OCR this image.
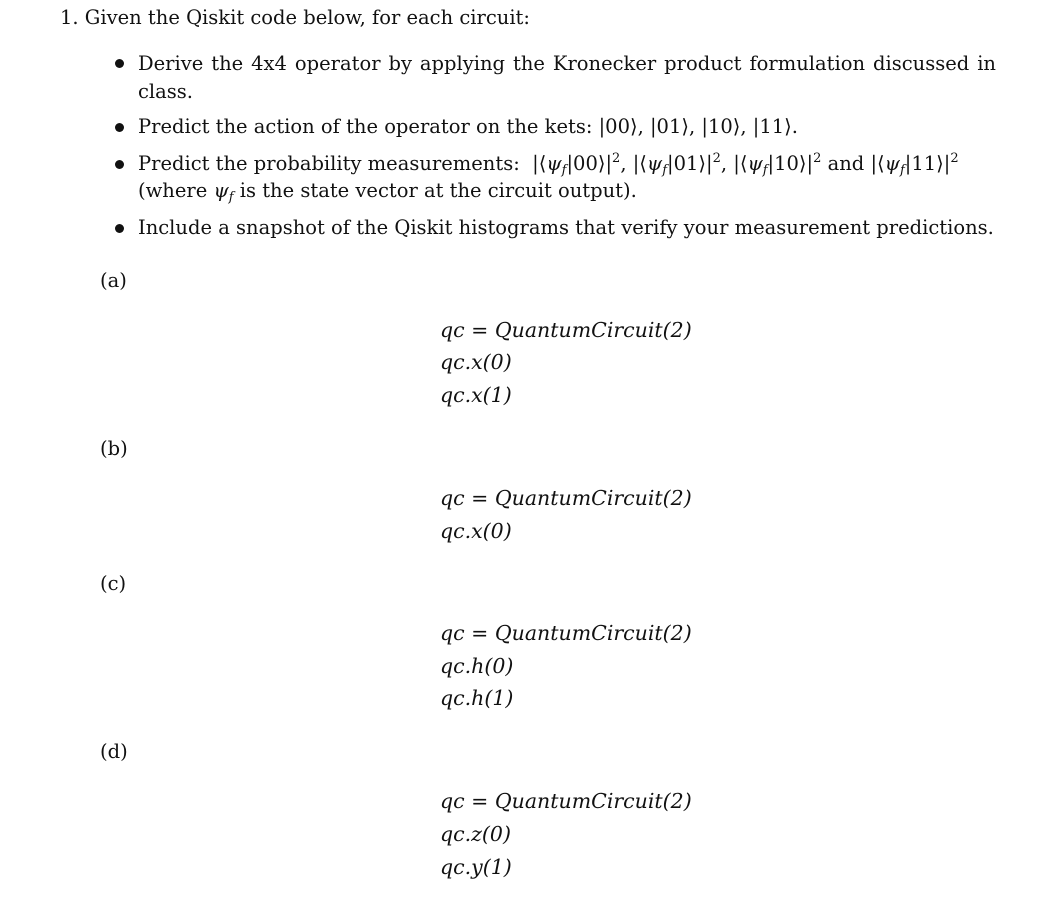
1. Given the Qiskit code below, for each circuit:
Derive the 4x4 operator by applying the Kronecker product formulation discussed in
class.
Predict the action of the operator on the kets: |00⟩, |01⟩, |10⟩, |11⟩.
Predict the probability measurements:  $|⟨\psi_f|00⟩|^2$, $|⟨\psi_f|01⟩|^2$, $|⟨\psi_f|10⟩|^2$ and $|⟨\psi_f|11⟩|^2$
(where $\psi_f$ is the state vector at the circuit output).
Include a snapshot of the Qiskit histograms that verify your measurement predictions.
(a)
qc = QuantumCircuit(2)
qc.x(0)
qc.x(1)
(b)
qc = QuantumCircuit(2)
qc.x(0)
(c)
qc = QuantumCircuit(2)
qc.h(0)
qc.h(1)
(d)
qc = QuantumCircuit(2)
qc.z(0)
qc.y(1)
